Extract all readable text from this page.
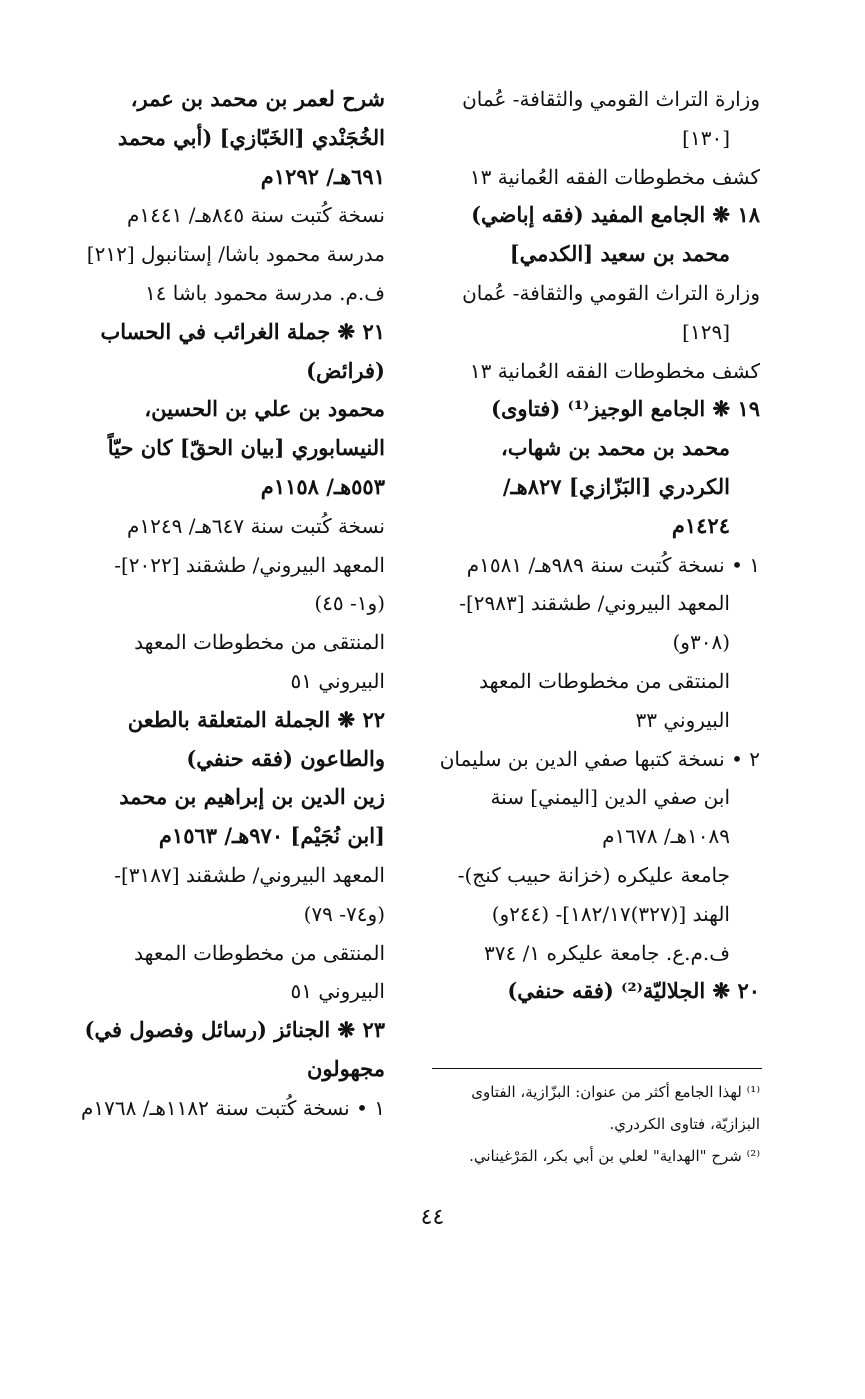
وزارة التراث القومي والثقافة- عُمان
[١٣٠]
كشف مخطوطات الفقه العُمانية ١٣
١٨ ❋ الجامع المفيد (فقه إباضي)
محمد بن سعيد [الكدمي]
وزارة التراث القومي والثقافة- عُمان
[١٢٩]
كشف مخطوطات الفقه العُمانية ١٣
١٩ ❋ الجامع الوجيز⁽¹⁾ (فتاوى)
محمد بن محمد بن شهاب،
الكردري [البَزّازي] ٨٢٧هـ/
١٤٢٤م
١ • نسخة كُتبت سنة ٩٨٩هـ/ ١٥٨١م
المعهد البيروني/ طشقند [٢٩٨٣]-
(٣٠٨و)
المنتقى من مخطوطات المعهد
البيروني ٣٣
٢ • نسخة كتبها صفي الدين بن سليمان
ابن صفي الدين [اليمني] سنة
١٠٨٩هـ/ ١٦٧٨م
جامعة عليكره (خزانة حبيب كنج)-
الهند [(٣٢٧)١٨٢/١٧]- (٢٤٤و)
ف.م.ع. جامعة عليكره ١/ ٣٧٤
٢٠ ❋ الجلاليّة⁽²⁾ (فقه حنفي)
شرح لعمر بن محمد بن عمر،
الخُجَنْدي [الخَبّازي] (أبي محمد
٦٩١هـ/ ١٢٩٢م
نسخة كُتبت سنة ٨٤٥هـ/ ١٤٤١م
مدرسة محمود باشا/ إستانبول [٢١٢]
ف.م. مدرسة محمود باشا ١٤
٢١ ❋ جملة الغرائب في الحساب
(فرائض)
محمود بن علي بن الحسين،
النيسابوري [بيان الحقّ] كان حيّاً
٥٥٣هـ/ ١١٥٨م
نسخة كُتبت سنة ٦٤٧هـ/ ١٢٤٩م
المعهد البيروني/ طشقند [٢٠٢٢]-
(و١- ٤٥)
المنتقى من مخطوطات المعهد
البيروني ٥١
٢٢ ❋ الجملة المتعلقة بالطعن
والطاعون (فقه حنفي)
زين الدين بن إبراهيم بن محمد
[ابن نُجَيْم] ٩٧٠هـ/ ١٥٦٣م
المعهد البيروني/ طشقند [٣١٨٧]-
(و٧٤- ٧٩)
المنتقى من مخطوطات المعهد
البيروني ٥١
٢٣ ❋ الجنائز (رسائل وفصول في)
مجهولون
١ • نسخة كُتبت سنة ١١٨٢هـ/ ١٧٦٨م
⁽¹⁾ لهذا الجامع أكثر من عنوان: البزّازية، الفتاوى
البزازيّة، فتاوى الكردري.
⁽²⁾ شرح "الهداية" لعلي بن أبي بكر، المَرْغيناني.
٤٤
